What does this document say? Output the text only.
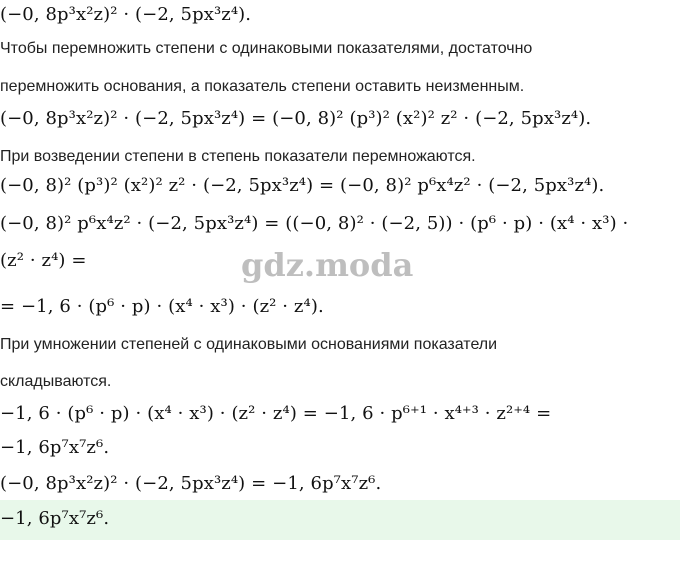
−1, 6p⁷x⁷z⁶.
(−0, 8p³x²z)² · (−2, 5px³z⁴).
Чтобы перемножить степени с одинаковыми показателями, достаточно
перемножить основания, а показатель степени оставить неизменным.
(−0, 8p³x²z)² · (−2, 5px³z⁴) = (−0, 8)² (p³)² (x²)² z² · (−2, 5px³z⁴).
При возведении степени в степень показатели перемножаются.
(−0, 8)² (p³)² (x²)² z² · (−2, 5px³z⁴) = (−0, 8)² p⁶x⁴z² · (−2, 5px³z⁴).
(−0, 8)² p⁶x⁴z² · (−2, 5px³z⁴) = ((−0, 8)² · (−2, 5)) · (p⁶ · p) · (x⁴ · x³) ·
(z² · z⁴) =	gdz.moda
= −1, 6 · (p⁶ · p) · (x⁴ · x³) · (z² · z⁴).
При умножении степеней с одинаковыми основаниями показатели
складываются.
−1, 6 · (p⁶ · p) · (x⁴ · x³) · (z² · z⁴) = −1, 6 · p⁶⁺¹ · x⁴⁺³ · z²⁺⁴ =
−1, 6p⁷x⁷z⁶.
(−0, 8p³x²z)² · (−2, 5px³z⁴) = −1, 6p⁷x⁷z⁶.
